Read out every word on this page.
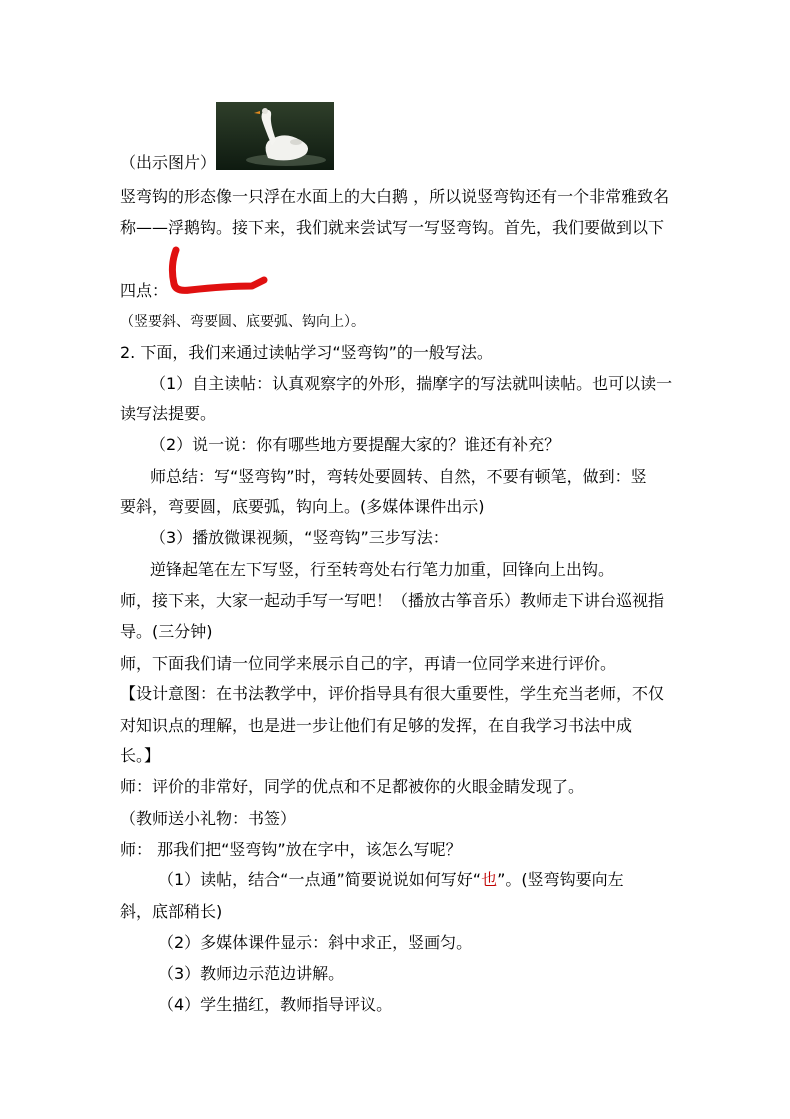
（出示图片）
竖弯钩的形态像一只浮在水面上的大白鹅 ，所以说竖弯钩还有一个非常雅致名
称——浮鹅钩。接下来，我们就来尝试写一写竖弯钩。首先，我们要做到以下
四点：
（竖要斜、弯要圆、底要弧、钩向上）。
2. 下面，我们来通过读帖学习“竖弯钩”的一般写法。
（1）自主读帖：认真观察字的外形，揣摩字的写法就叫读帖。也可以读一
读写法提要。
（2）说一说：你有哪些地方要提醒大家的？谁还有补充？
师总结：写“竖弯钩”时，弯转处要圆转、自然，不要有顿笔，做到：竖
要斜，弯要圆，底要弧，钩向上。(多媒体课件出示)
（3）播放微课视频，“竖弯钩”三步写法：
逆锋起笔在左下写竖，行至转弯处右行笔力加重，回锋向上出钩。
师，接下来，大家一起动手写一写吧！（播放古筝音乐）教师走下讲台巡视指
导。(三分钟)
师，下面我们请一位同学来展示自己的字，再请一位同学来进行评价。
【设计意图：在书法教学中，评价指导具有很大重要性，学生充当老师，不仅
对知识点的理解，也是进一步让他们有足够的发挥，在自我学习书法中成
长。】
师：评价的非常好，同学的优点和不足都被你的火眼金睛发现了。
（教师送小礼物：书签）
师： 那我们把“竖弯钩”放在字中，该怎么写呢？
（1）读帖，结合“一点通”简要说说如何写好“也”。(竖弯钩要向左
斜，底部稍长)
（2）多媒体课件显示：斜中求正，竖画匀。
（3）教师边示范边讲解。
（4）学生描红，教师指导评议。
